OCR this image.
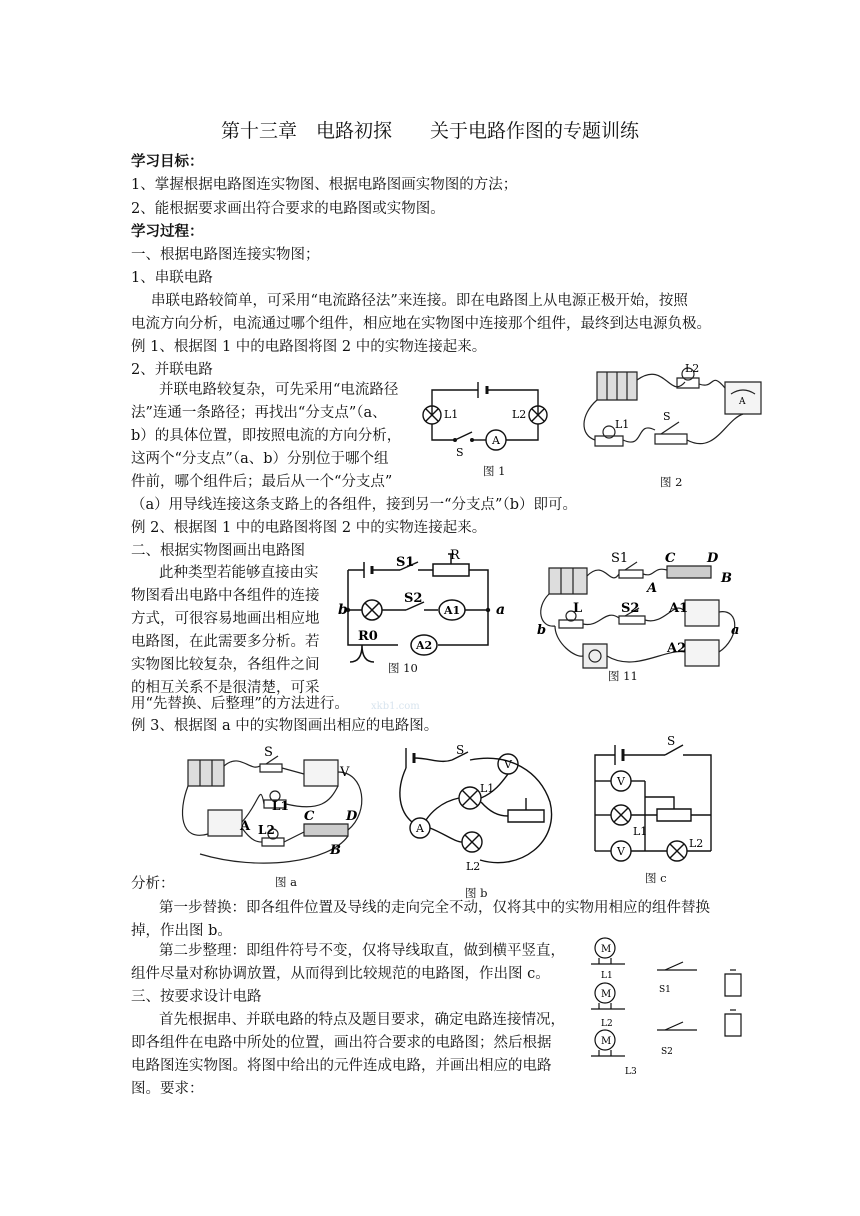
第十三章　电路初探　　关于电路作图的专题训练
学习目标：
1、掌握根据电路图连实物图、根据电路图画实物图的方法；
2、能根据要求画出符合要求的电路图或实物图。
学习过程：
一、根据电路图连接实物图；
1、串联电路
串联电路较简单，可采用“电流路径法”来连接。即在电路图上从电源正极开始，按照
电流方向分析，电流通过哪个组件，相应地在实物图中连接那个组件，最终到达电源负极。
例 1、根据图 1 中的电路图将图 2 中的实物连接起来。
2、并联电路
并联电路较复杂，可先采用“电流路径
法”连通一条路径；再找出“分支点”（a、
b）的具体位置，即按照电流的方向分析，
这两个“分支点”（a、b）分别位于哪个组
件前，哪个组件后；最后从一个“分支点”
（a）用导线连接这条支路上的各组件，接到另一“分支点”（b）即可。
例 2、根据图 1 中的电路图将图 2 中的实物连接起来。
L1	L2
A
S
图 1
L2
L1
S
A
图 2
二、根据实物图画出电路图
此种类型若能够直接由实
物图看出电路中各组件的连接
方式，可很容易地画出相应地
电路图，在此需要多分析。若
实物图比较复杂，各组件之间
的相互关系不是很清楚，可采
用“先替换、后整理”的方法进行。 xkb1.com
例 3、根据图 a 中的实物图画出相应的电路图。
S1	R
S2
A1
A2
R0
b	a
图 10
S1	C D
B
A
L	S2 A1
A2
b	a
图 11
S
V
L1
A L2
C D
B
图 a
S
V
L1
A
L2
图 b
S
V
L1
V
L2
图 c
分析：
第一步替换：即各组件位置及导线的走向完全不动，仅将其中的实物用相应的组件替换
掉，作出图 b。
第二步整理：即组件符号不变，仅将导线取直，做到横平竖直，
组件尽量对称协调放置，从而得到比较规范的电路图，作出图 c。
三、按要求设计电路
首先根据串、并联电路的特点及题目要求，确定电路连接情况，
即各组件在电路中所处的位置，画出符合要求的电路图；然后根据
电路图连实物图。将图中给出的元件连成电路，并画出相应的电路
图。要求：
M
M
M
L1
L2
L3
S1
S2
